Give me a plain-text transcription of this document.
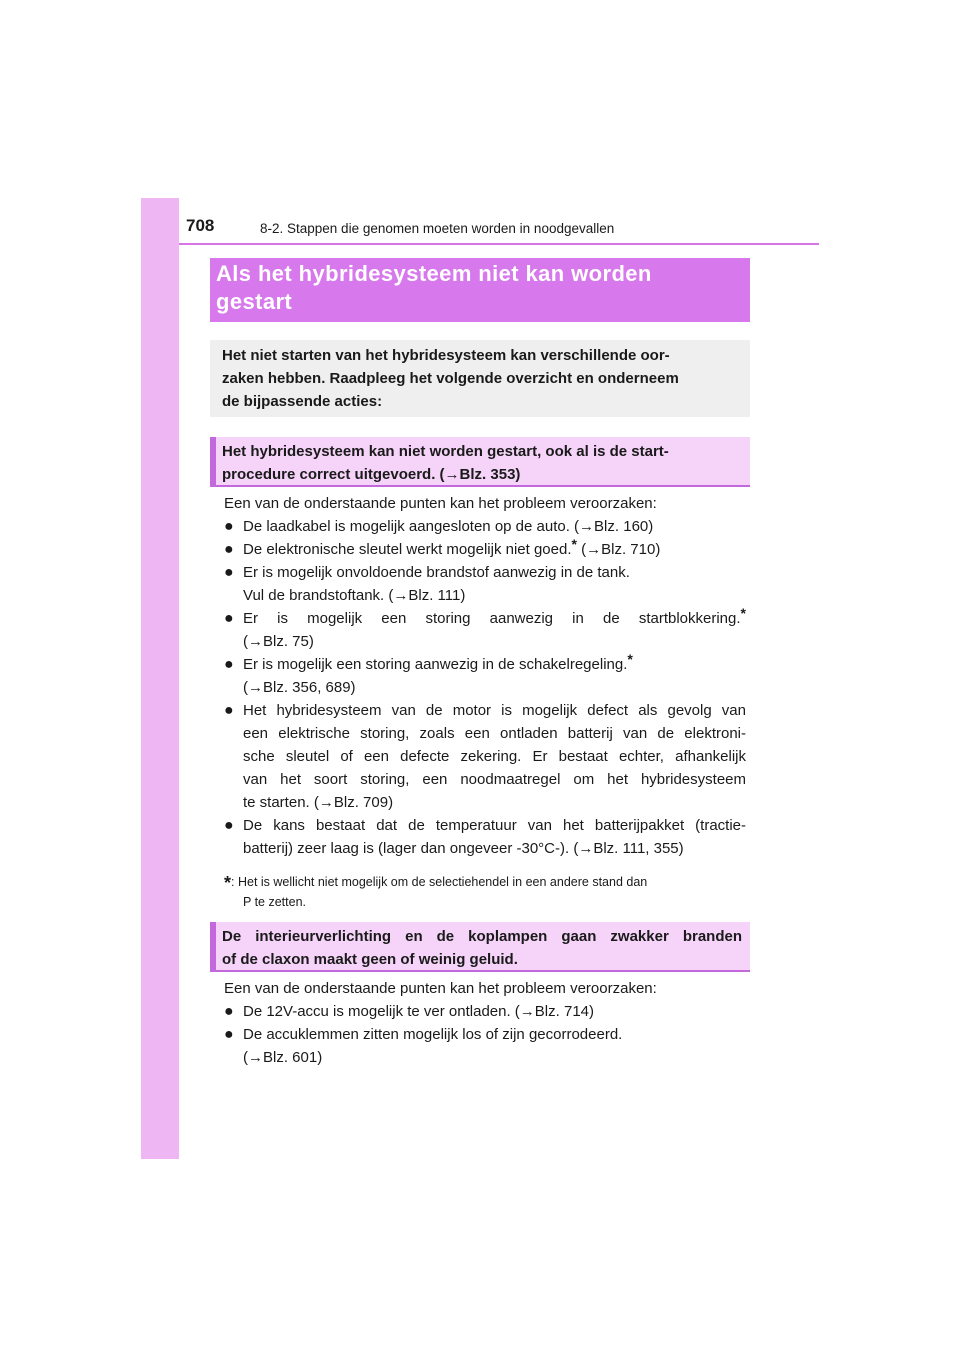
708	8-2. Stappen die genomen moeten worden in noodgevallen
Als het hybridesysteem niet kan worden
gestart
Het niet starten van het hybridesysteem kan verschillende oor-
zaken hebben. Raadpleeg het volgende overzicht en onderneem
de bijpassende acties:
Het hybridesysteem kan niet worden gestart, ook al is de start-
procedure correct uitgevoerd. (→Blz. 353)

Een van de onderstaande punten kan het probleem veroorzaken:

● De laadkabel is mogelijk aangesloten op de auto. (→Blz. 160)
● De elektronische sleutel werkt mogelijk niet goed.* (→Blz. 710)
● Er is mogelijk onvoldoende brandstof aanwezig in de tank.
Vul de brandstoftank. (→Blz. 111)
● Er is mogelijk een storing aanwezig in de startblokkering.*
(→Blz. 75)
● Er is mogelijk een storing aanwezig in de schakelregeling.*
(→Blz. 356, 689)
● Het hybridesysteem van de motor is mogelijk defect als gevolg van
een elektrische storing, zoals een ontladen batterij van de elektroni-
sche sleutel of een defecte zekering. Er bestaat echter, afhankelijk
van het soort storing, een noodmaatregel om het hybridesysteem
te starten. (→Blz. 709)
● De kans bestaat dat de temperatuur van het batterijpakket (tractie-
batterij) zeer laag is (lager dan ongeveer -30°C-). (→Blz. 111, 355)
*: Het is wellicht niet mogelijk om de selectiehendel in een andere stand dan
P te zetten.
De interieurverlichting en de koplampen gaan zwakker branden
of de claxon maakt geen of weinig geluid.

Een van de onderstaande punten kan het probleem veroorzaken:

● De 12V-accu is mogelijk te ver ontladen. (→Blz. 714)
● De accuklemmen zitten mogelijk los of zijn gecorrodeerd.
(→Blz. 601)
